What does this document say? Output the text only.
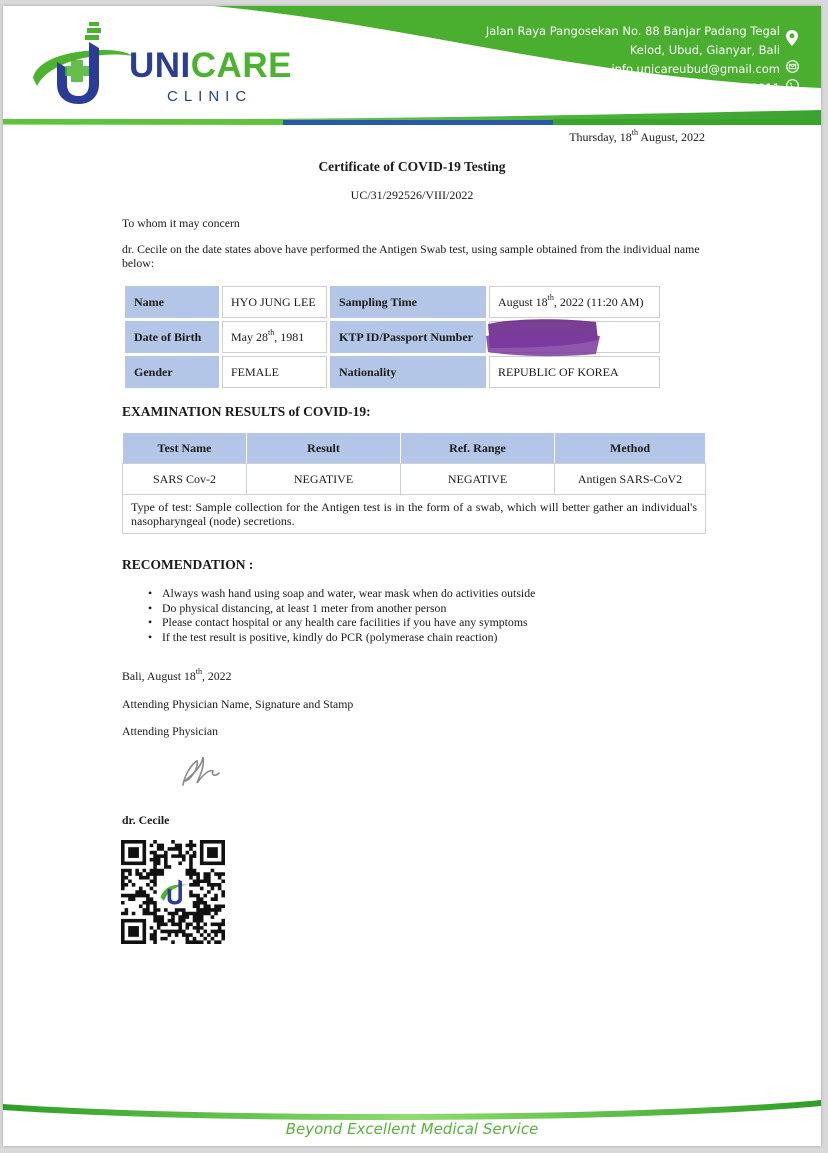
UNICARE
CLINIC
Jalan Raya Pangosekan No. 88 Banjar Padang Tegal
Kelod, Ubud, Gianyar, Bali
info.unicareubud@gmail.com
+62 822-9829-8911
Thursday, 18th August, 2022
Certificate of COVID-19 Testing
UC/31/292526/VIII/2022
To whom it may concern
dr. Cecile on the date states above have performed the Antigen Swab test, using sample obtained from the individual name below:
Name	HYO JUNG LEE	Sampling Time	August 18th, 2022 (11:20 AM)
Date of Birth	May 28th, 1981	KTP ID/Passport Number	

Gender	FEMALE	Nationality	REPUBLIC OF KOREA
EXAMINATION RESULTS of COVID-19:
Test Name	Result	Ref. Range	Method
SARS Cov-2	NEGATIVE	NEGATIVE	Antigen SARS-CoV2
Type of test: Sample collection for the Antigen test is in the form of a swab, which will better gather an individual's nasopharyngeal (node) secretions.			
RECOMENDATION :
• Always wash hand using soap and water, wear mask when do activities outside
• Do physical distancing, at least 1 meter from another person
• Please contact hospital or any health care facilities if you have any symptoms
• If the test result is positive, kindly do PCR (polymerase chain reaction)
Bali, August 18th, 2022
Attending Physician Name, Signature and Stamp
Attending Physician
dr. Cecile
Beyond Excellent Medical Service
